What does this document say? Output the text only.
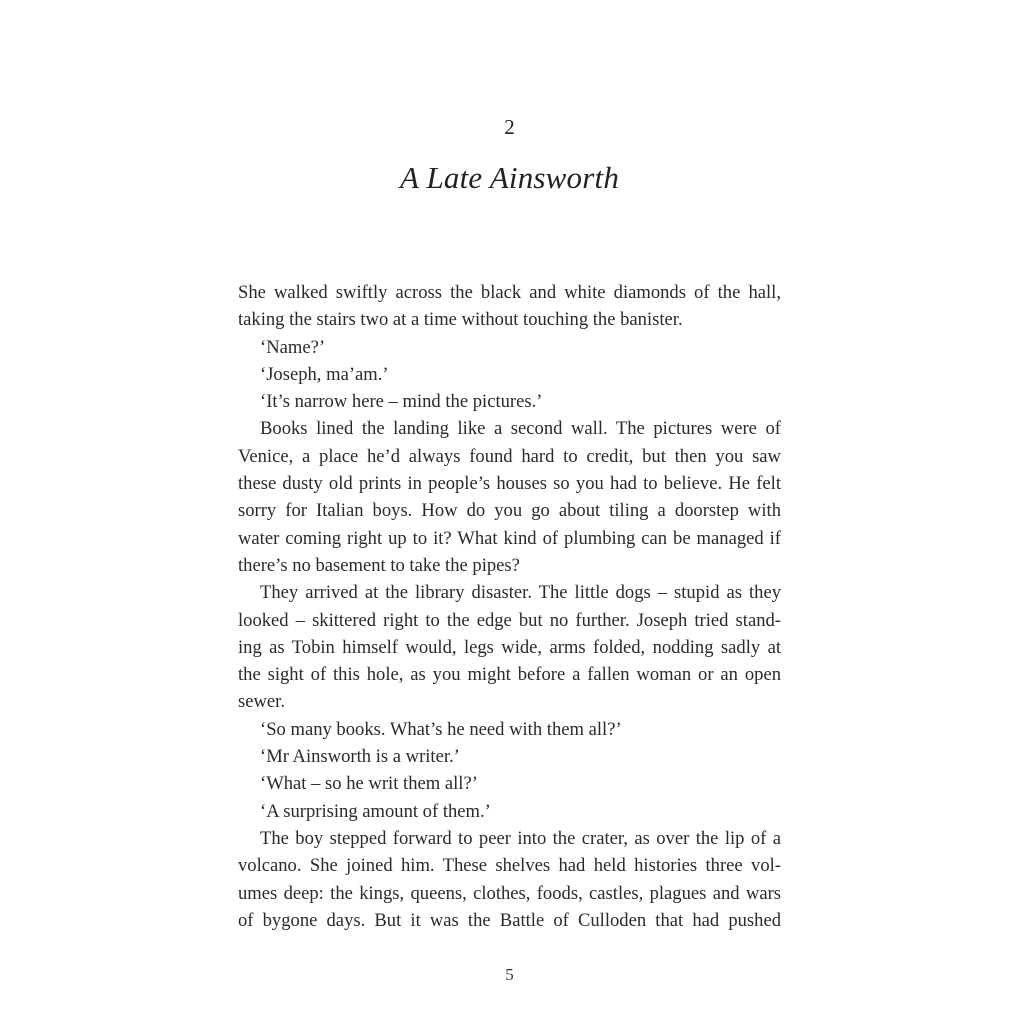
2
A Late Ainsworth
She walked swiftly across the black and white diamonds of the hall,
taking the stairs two at a time without touching the banister.
‘Name?’
‘Joseph, ma’am.’
‘It’s narrow here – mind the pictures.’
Books lined the landing like a second wall. The pictures were of
Venice, a place he’d always found hard to credit, but then you saw
these dusty old prints in people’s houses so you had to believe. He felt
sorry for Italian boys. How do you go about tiling a doorstep with
water coming right up to it? What kind of plumbing can be managed if
there’s no basement to take the pipes?
They arrived at the library disaster. The little dogs – stupid as they
looked – skittered right to the edge but no further. Joseph tried stand-
ing as Tobin himself would, legs wide, arms folded, nodding sadly at
the sight of this hole, as you might before a fallen woman or an open
sewer.
‘So many books. What’s he need with them all?’
‘Mr Ainsworth is a writer.’
‘What – so he writ them all?’
‘A surprising amount of them.’
The boy stepped forward to peer into the crater, as over the lip of a
volcano. She joined him. These shelves had held histories three vol-
umes deep: the kings, queens, clothes, foods, castles, plagues and wars
of bygone days. But it was the Battle of Culloden that had pushed
5
